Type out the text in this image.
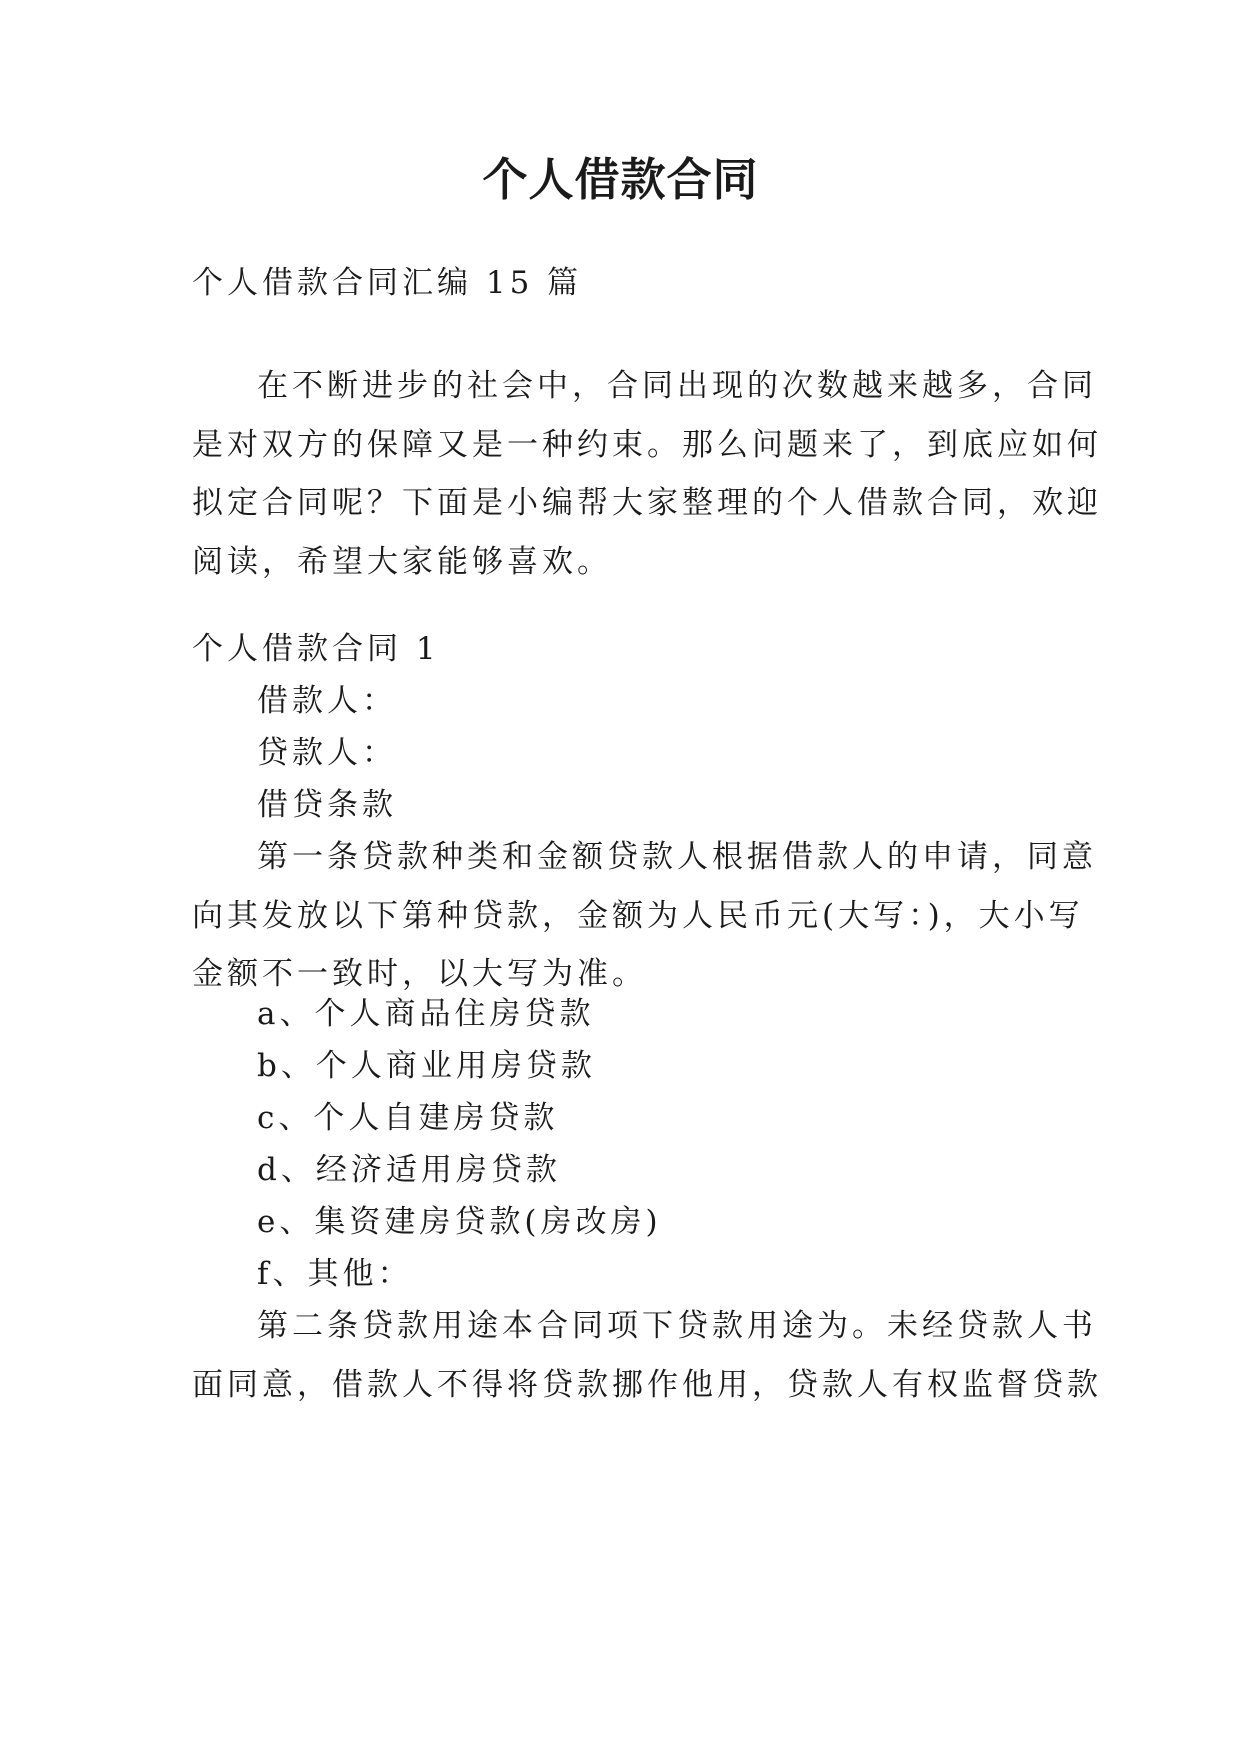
个人借款合同
个人借款合同汇编 15 篇
在不断进步的社会中，合同出现的次数越来越多，合同
是对双方的保障又是一种约束。那么问题来了，到底应如何
拟定合同呢？下面是小编帮大家整理的个人借款合同，欢迎
阅读，希望大家能够喜欢。
个人借款合同 1
借款人：
贷款人：
借贷条款
第一条贷款种类和金额贷款人根据借款人的申请，同意
向其发放以下第种贷款，金额为人民币元(大写：)，大小写
金额不一致时，以大写为准。
a、个人商品住房贷款
b、个人商业用房贷款
c、个人自建房贷款
d、经济适用房贷款
e、集资建房贷款(房改房)
f、其他：
第二条贷款用途本合同项下贷款用途为。未经贷款人书
面同意，借款人不得将贷款挪作他用，贷款人有权监督贷款
